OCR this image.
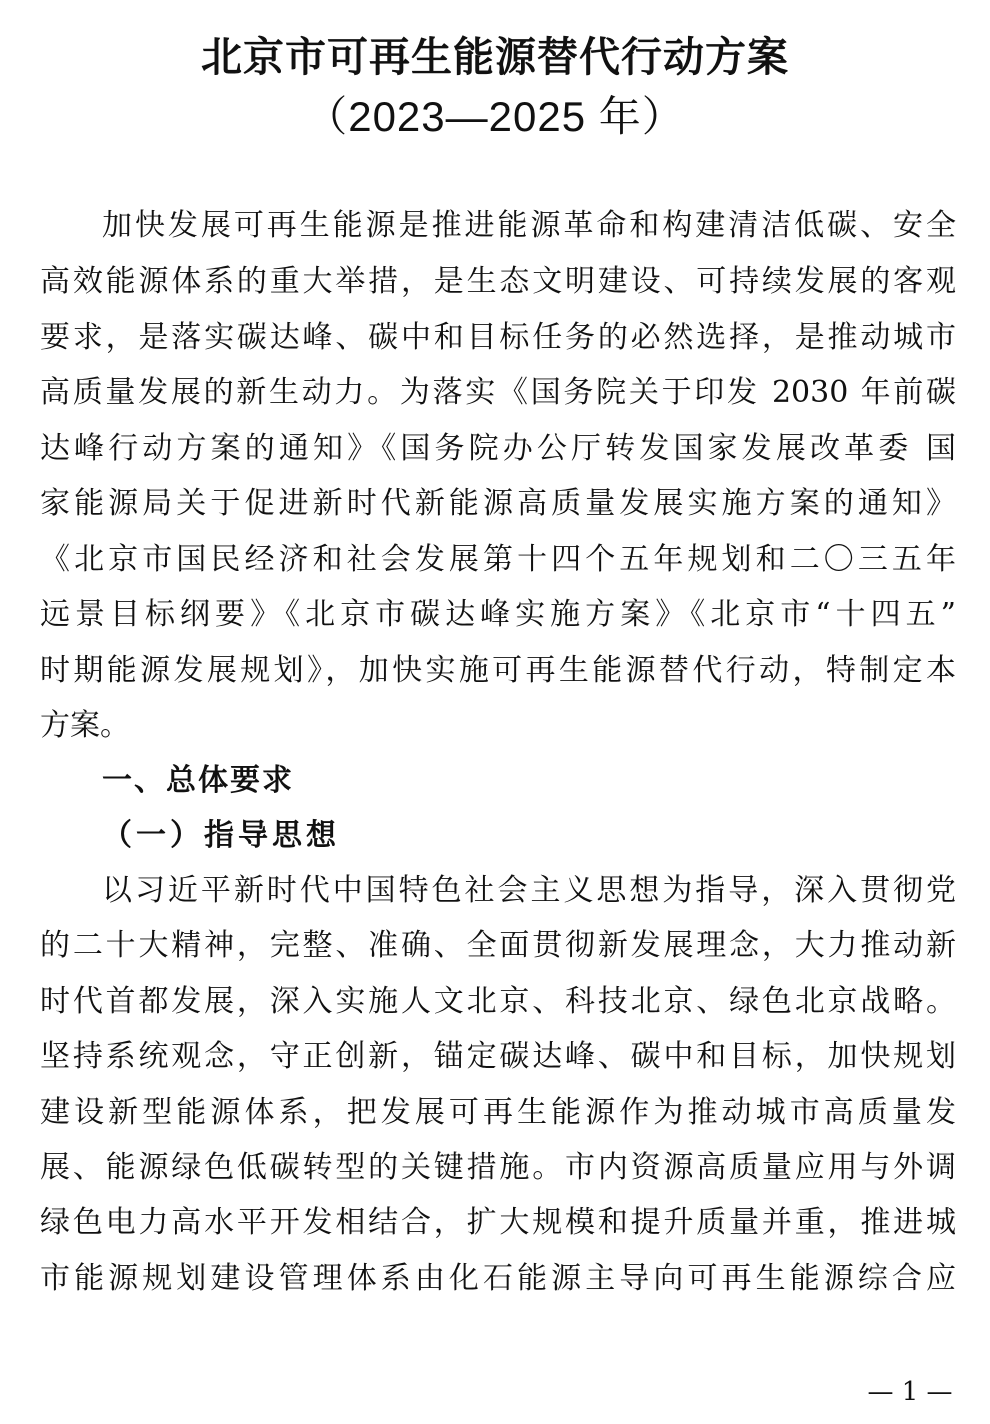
北京市可再生能源替代行动方案
（2023—2025 年）
加快发展可再生能源是推进能源革命和构建清洁低碳、安全
高效能源体系的重大举措，是生态文明建设、可持续发展的客观
要求，是落实碳达峰、碳中和目标任务的必然选择，是推动城市
高质量发展的新生动力。为落实《国务院关于印发 2030 年前碳
达峰行动方案的通知》《国务院办公厅转发国家发展改革委 国
家能源局关于促进新时代新能源高质量发展实施方案的通知》
《北京市国民经济和社会发展第十四个五年规划和二〇三五年
远景目标纲要》《北京市碳达峰实施方案》《北京市“十四五”
时期能源发展规划》，加快实施可再生能源替代行动，特制定本
方案。
一、总体要求
（一）指导思想
以习近平新时代中国特色社会主义思想为指导，深入贯彻党
的二十大精神，完整、准确、全面贯彻新发展理念，大力推动新
时代首都发展，深入实施人文北京、科技北京、绿色北京战略。
坚持系统观念，守正创新，锚定碳达峰、碳中和目标，加快规划
建设新型能源体系，把发展可再生能源作为推动城市高质量发
展、能源绿色低碳转型的关键措施。市内资源高质量应用与外调
绿色电力高水平开发相结合，扩大规模和提升质量并重，推进城
市能源规划建设管理体系由化石能源主导向可再生能源综合应
— 1 —
